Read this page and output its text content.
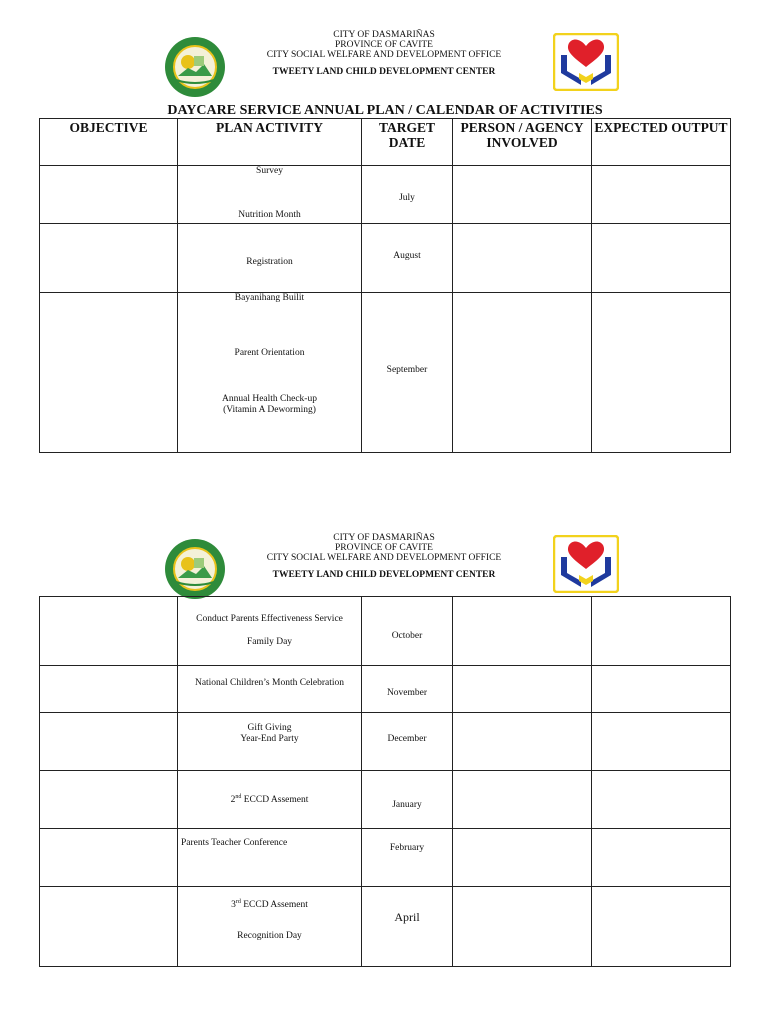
CITY OF DASMARIÑAS
PROVINCE OF CAVITE
CITY SOCIAL WELFARE AND DEVELOPMENT OFFICE
TWEETY LAND CHILD DEVELOPMENT CENTER
DAYCARE SERVICE ANNUAL PLAN / CALENDAR OF ACTIVITIES
OBJECTIVE	PLAN ACTIVITY	TARGET DATE	PERSON / AGENCY INVOLVED	EXPECTED OUTPUT

	Survey
Nutrition Month	July		

	Registration	August		

	Bayanihang Builit
Parent Orientation
Annual Health Check-up
(Vitamin A Deworming)	September		

CITY OF DASMARIÑAS
PROVINCE OF CAVITE
CITY SOCIAL WELFARE AND DEVELOPMENT OFFICE
TWEETY LAND CHILD DEVELOPMENT CENTER

	Conduct Parents Effectiveness Service
Family Day	October		

	National Children’s Month Celebration	November		

	Gift Giving
Year-End Party	December		

	2nd ECCD Assement	January		

	Parents Teacher Conference	February		

	3rd ECCD Assement
Recognition Day	April		
